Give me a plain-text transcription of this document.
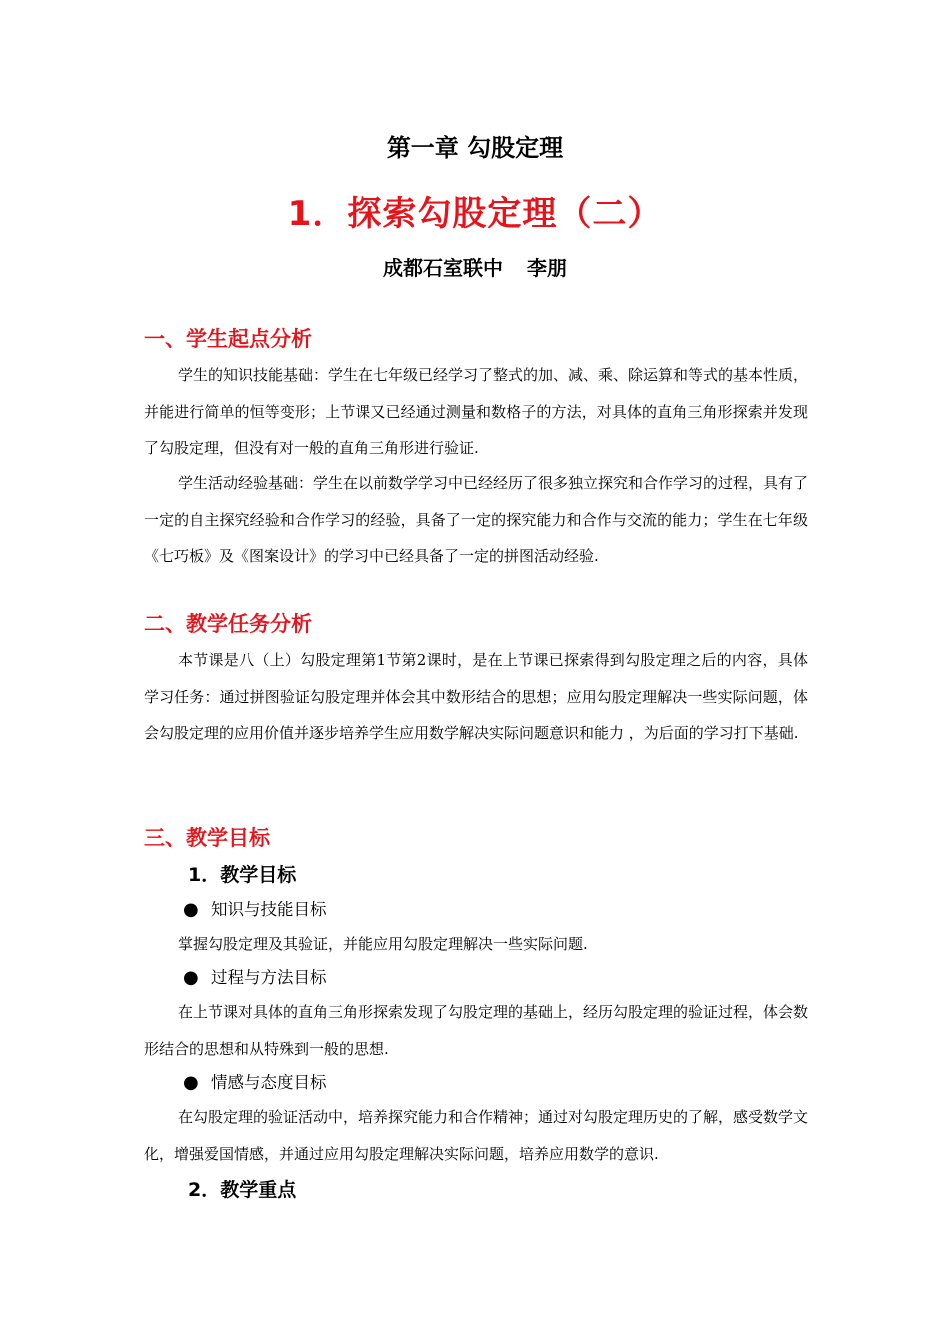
第一章 勾股定理
1．探索勾股定理（二）
成都石室联中 李朋
一、学生起点分析

学生的知识技能基础：学生在七年级已经学习了整式的加、减、乘、除运算和等式的基本性质，并能进行简单的恒等变形；上节课又已经通过测量和数格子的方法，对具体的直角三角形探索并发现了勾股定理，但没有对一般的直角三角形进行验证.

学生活动经验基础：学生在以前数学学习中已经经历了很多独立探究和合作学习的过程，具有了一定的自主探究经验和合作学习的经验，具备了一定的探究能力和合作与交流的能力；学生在七年级《七巧板》及《图案设计》的学习中已经具备了一定的拼图活动经验.

二、教学任务分析

本节课是八（上）勾股定理第1节第2课时，是在上节课已探索得到勾股定理之后的内容，具体学习任务：通过拼图验证勾股定理并体会其中数形结合的思想；应用勾股定理解决一些实际问题，体会勾股定理的应用价值并逐步培养学生应用数学解决实际问题意识和能力 ，为后面的学习打下基础.

三、教学目标
1．教学目标
● 知识与技能目标

掌握勾股定理及其验证，并能应用勾股定理解决一些实际问题.

● 过程与方法目标

在上节课对具体的直角三角形探索发现了勾股定理的基础上，经历勾股定理的验证过程，体会数形结合的思想和从特殊到一般的思想.

● 情感与态度目标

在勾股定理的验证活动中，培养探究能力和合作精神；通过对勾股定理历史的了解，感受数学文化，增强爱国情感，并通过应用勾股定理解决实际问题，培养应用数学的意识.

2．教学重点
